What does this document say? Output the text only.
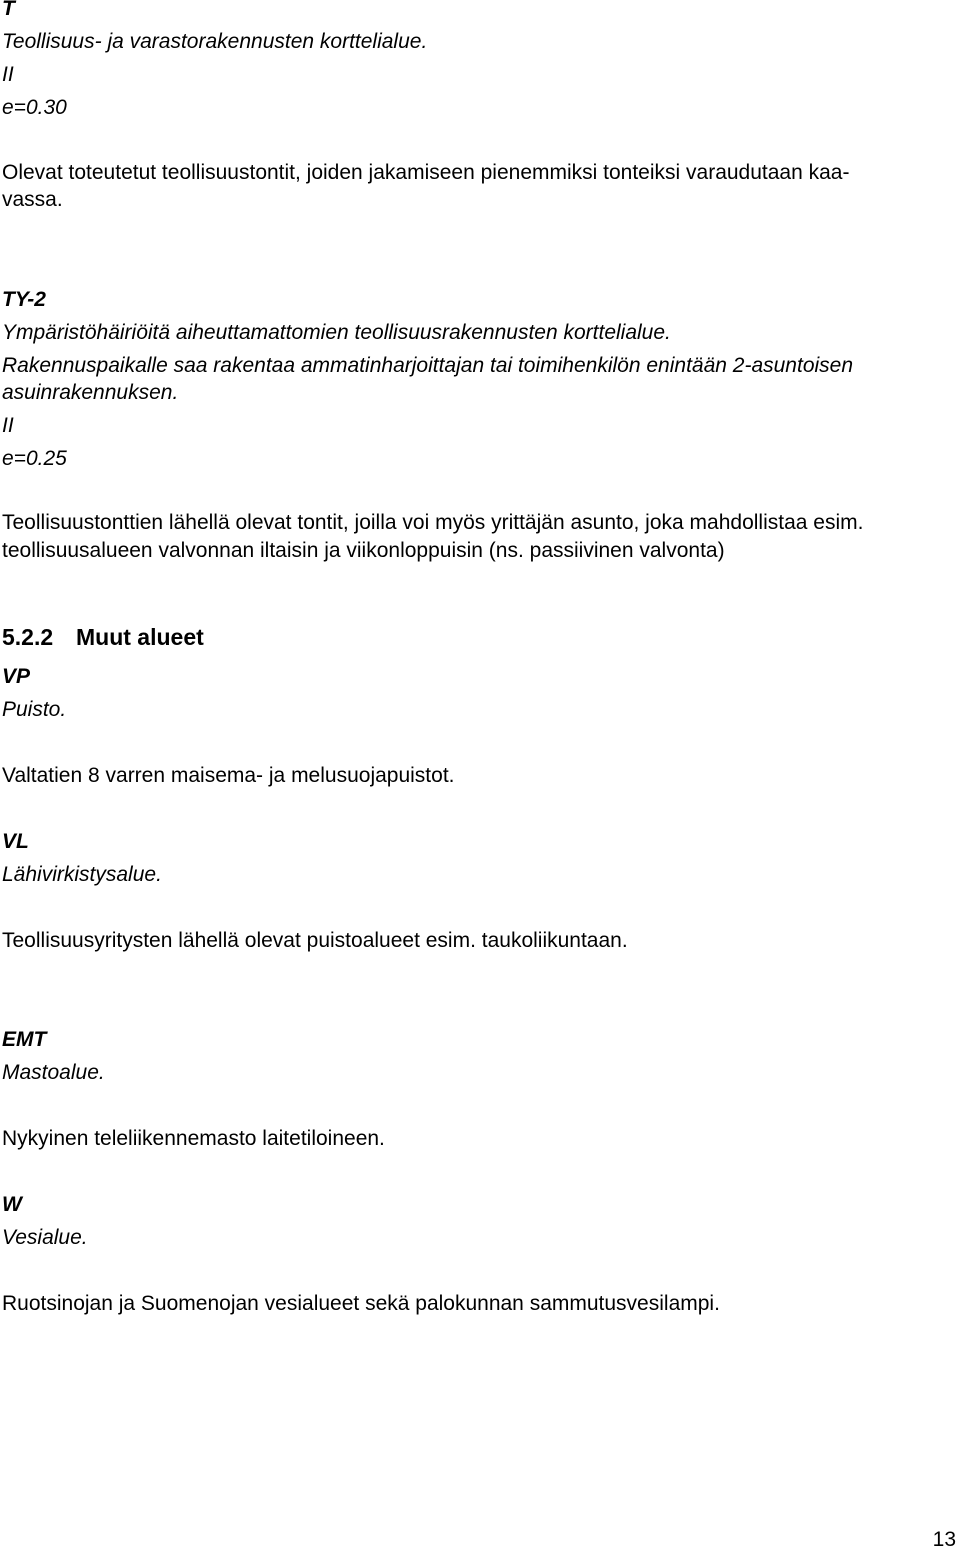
T
Teollisuus- ja varastorakennusten korttelialue.
II
e=0.30
Olevat toteutetut teollisuustontit, joiden jakamiseen pienemmiksi tonteiksi varaudutaan kaa-
vassa.
TY-2
Ympäristöhäiriöitä aiheuttamattomien teollisuusrakennusten korttelialue.
Rakennuspaikalle saa rakentaa ammatinharjoittajan tai toimihenkilön enintään 2-asuntoisen
asuinrakennuksen.
II
e=0.25
Teollisuustonttien lähellä olevat tontit, joilla voi myös yrittäjän asunto, joka mahdollistaa esim.
teollisuusalueen valvonnan iltaisin ja viikonloppuisin (ns. passiivinen valvonta)
5.2.2 Muut alueet
VP
Puisto.
Valtatien 8 varren maisema- ja melusuojapuistot.
VL
Lähivirkistysalue.
Teollisuusyritysten lähellä olevat puistoalueet esim. taukoliikuntaan.
EMT
Mastoalue.
Nykyinen teleliikennemasto laitetiloineen.
W
Vesialue.
Ruotsinojan ja Suomenojan vesialueet sekä palokunnan sammutusvesilampi.
13
